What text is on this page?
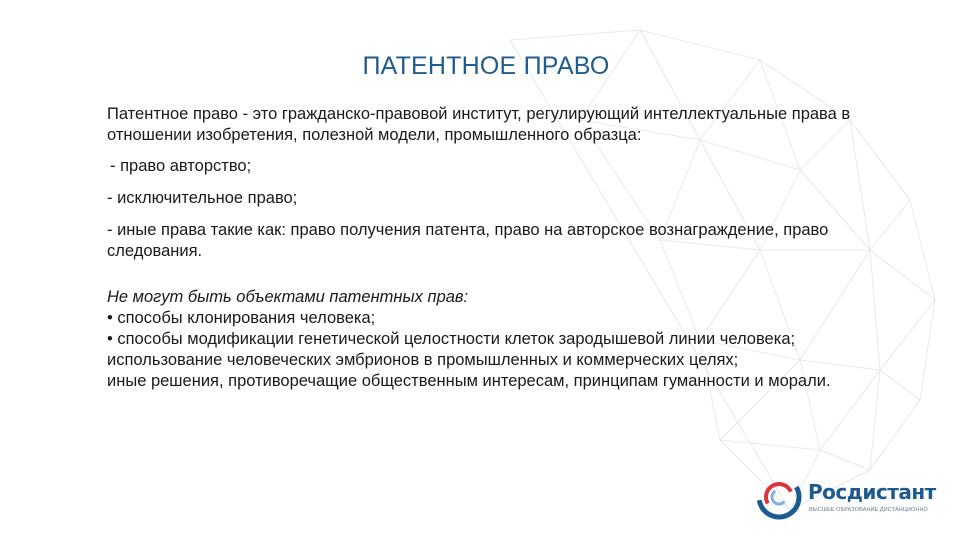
ПАТЕНТНОЕ ПРАВО

Патентное право - это гражданско-правовой институт, регулирующий интеллектуальные права в отношении изобретения, полезной модели, промышленного образца:

- право авторство;

- исключительное право;

- иные права такие как: право получения патента, право на авторское вознаграждение, право следования.

Не могут быть объектами патентных прав:

• способы клонирования человека;

• способы модификации генетической целостности клеток зародышевой линии человека;

использование человеческих эмбрионов в промышленных и коммерческих целях;

иные решения, противоречащие общественным интересам, принципам гуманности и морали.

Росдистант
ВЫСШЕЕ ОБРАЗОВАНИЕ ДИСТАНЦИОННО
